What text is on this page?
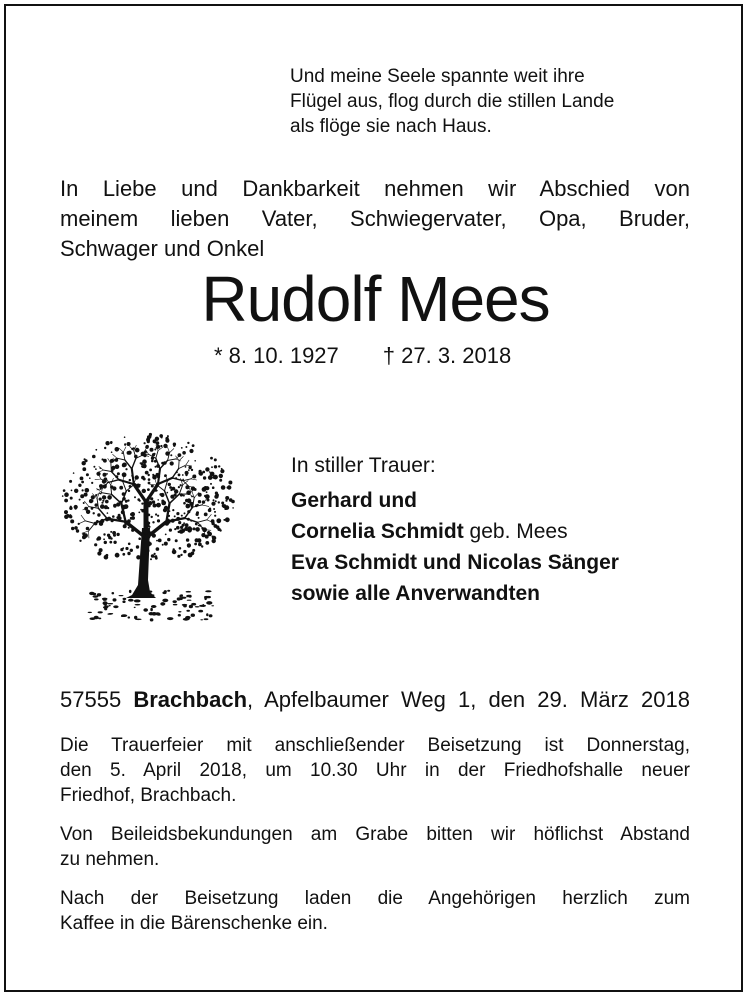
Und meine Seele spannte weit ihre
Flügel aus, flog durch die stillen Lande
als flöge sie nach Haus.
In Liebe und Dankbarkeit nehmen wir Abschied von
meinem lieben Vater, Schwiegervater, Opa, Bruder,
Schwager und Onkel
Rudolf Mees
* 8. 10. 1927 † 27. 3. 2018
In stiller Trauer:
Gerhard und
Cornelia Schmidt geb. Mees
Eva Schmidt und Nicolas Sänger
sowie alle Anverwandten
57555 Brachbach, Apfelbaumer Weg 1, den 29. März 2018
Die Trauerfeier mit anschließender Beisetzung ist Donnerstag,
den 5. April 2018, um 10.30 Uhr in der Friedhofshalle neuer
Friedhof, Brachbach.
Von Beileidsbekundungen am Grabe bitten wir höflichst Abstand
zu nehmen.
Nach der Beisetzung laden die Angehörigen herzlich zum
Kaffee in die Bärenschenke ein.
